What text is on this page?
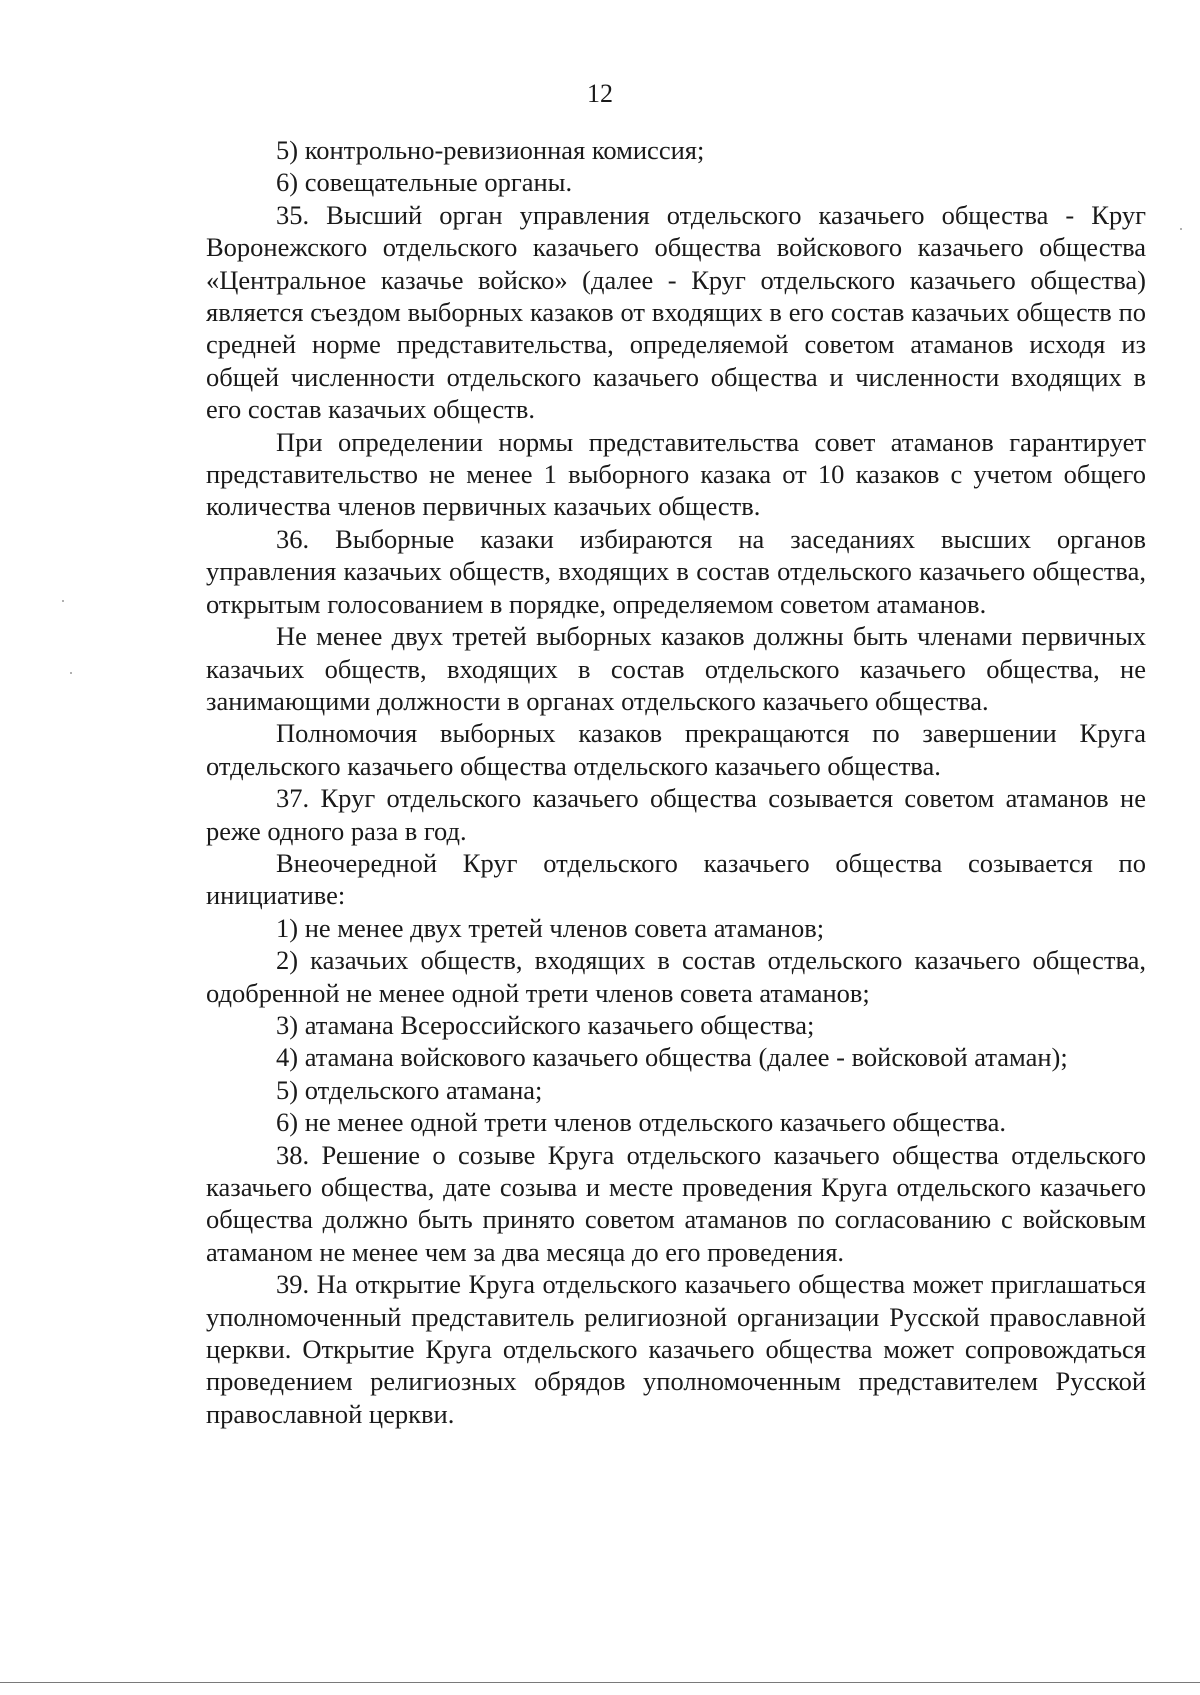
12

5) контрольно-ревизионная комиссия;

6) совещательные органы.

35. Высший орган управления отдельского казачьего общества - Круг Воронежского отдельского казачьего общества войскового казачьего общества «Центральное казачье войско» (далее - Круг отдельского казачьего общества) является съездом выборных казаков от входящих в его состав казачьих обществ по средней норме представительства, определяемой советом атаманов исходя из общей численности отдельского казачьего общества и численности входящих в его состав казачьих обществ.

При определении нормы представительства совет атаманов гарантирует представительство не менее 1 выборного казака от 10 казаков с учетом общего количества членов первичных казачьих обществ.

36. Выборные казаки избираются на заседаниях высших органов управления казачьих обществ, входящих в состав отдельского казачьего общества, открытым голосованием в порядке, определяемом советом атаманов.

Не менее двух третей выборных казаков должны быть членами первичных казачьих обществ, входящих в состав отдельского казачьего общества, не занимающими должности в органах отдельского казачьего общества.

Полномочия выборных казаков прекращаются по завершении Круга отдельского казачьего общества отдельского казачьего общества.

37. Круг отдельского казачьего общества созывается советом атаманов не реже одного раза в год.

Внеочередной Круг отдельского казачьего общества созывается по инициативе:

1) не менее двух третей членов совета атаманов;

2) казачьих обществ, входящих в состав отдельского казачьего общества, одобренной не менее одной трети членов совета атаманов;

3) атамана Всероссийского казачьего общества;

4) атамана войскового казачьего общества (далее - войсковой атаман);

5) отдельского атамана;

6) не менее одной трети членов отдельского казачьего общества.

38. Решение о созыве Круга отдельского казачьего общества отдельского казачьего общества, дате созыва и месте проведения Круга отдельского казачьего общества должно быть принято советом атаманов по согласованию с войсковым атаманом не менее чем за два месяца до его проведения.

39. На открытие Круга отдельского казачьего общества может приглашаться уполномоченный представитель религиозной организации Русской православной церкви. Открытие Круга отдельского казачьего общества может сопровождаться проведением религиозных обрядов уполномоченным представителем Русской православной церкви.
